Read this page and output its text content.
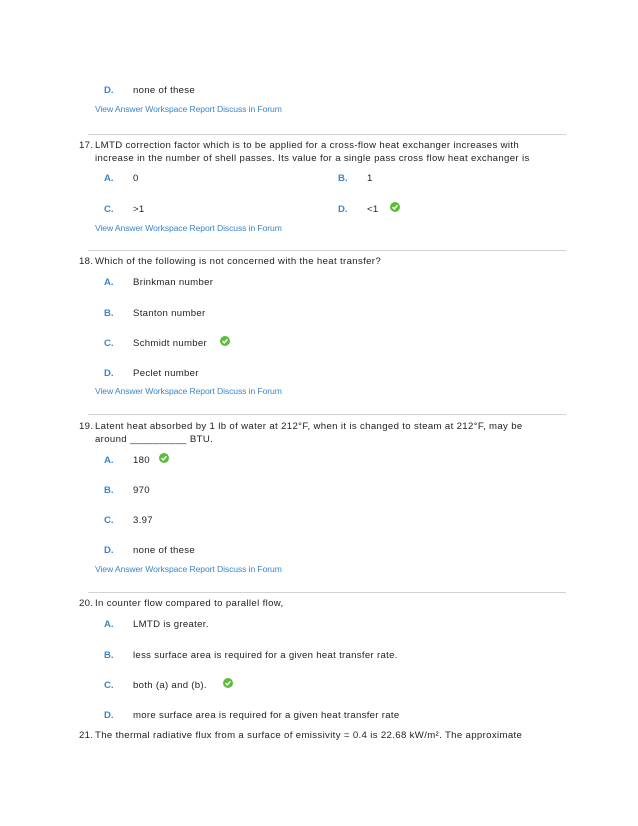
D. none of these
View Answer Workspace Report Discuss in Forum
17. LMTD correction factor which is to be applied for a cross-flow heat exchanger increases with
increase in the number of shell passes. Its value for a single pass cross flow heat exchanger is
A. 0	B. 1
C. >1	D. <1
View Answer Workspace Report Discuss in Forum
18. Which of the following is not concerned with the heat transfer?
A. Brinkman number
B. Stanton number
C. Schmidt number
D. Peclet number
View Answer Workspace Report Discuss in Forum
19. Latent heat absorbed by 1 lb of water at 212°F, when it is changed to steam at 212°F, may be
around __________ BTU.
A. 180
B. 970
C. 3.97
D. none of these
View Answer Workspace Report Discuss in Forum
20. In counter flow compared to parallel flow,
A. LMTD is greater.
B. less surface area is required for a given heat transfer rate.
C. both (a) and (b).
D. more surface area is required for a given heat transfer rate
21. The thermal radiative flux from a surface of emissivity = 0.4 is 22.68 kW/m². The approximate
